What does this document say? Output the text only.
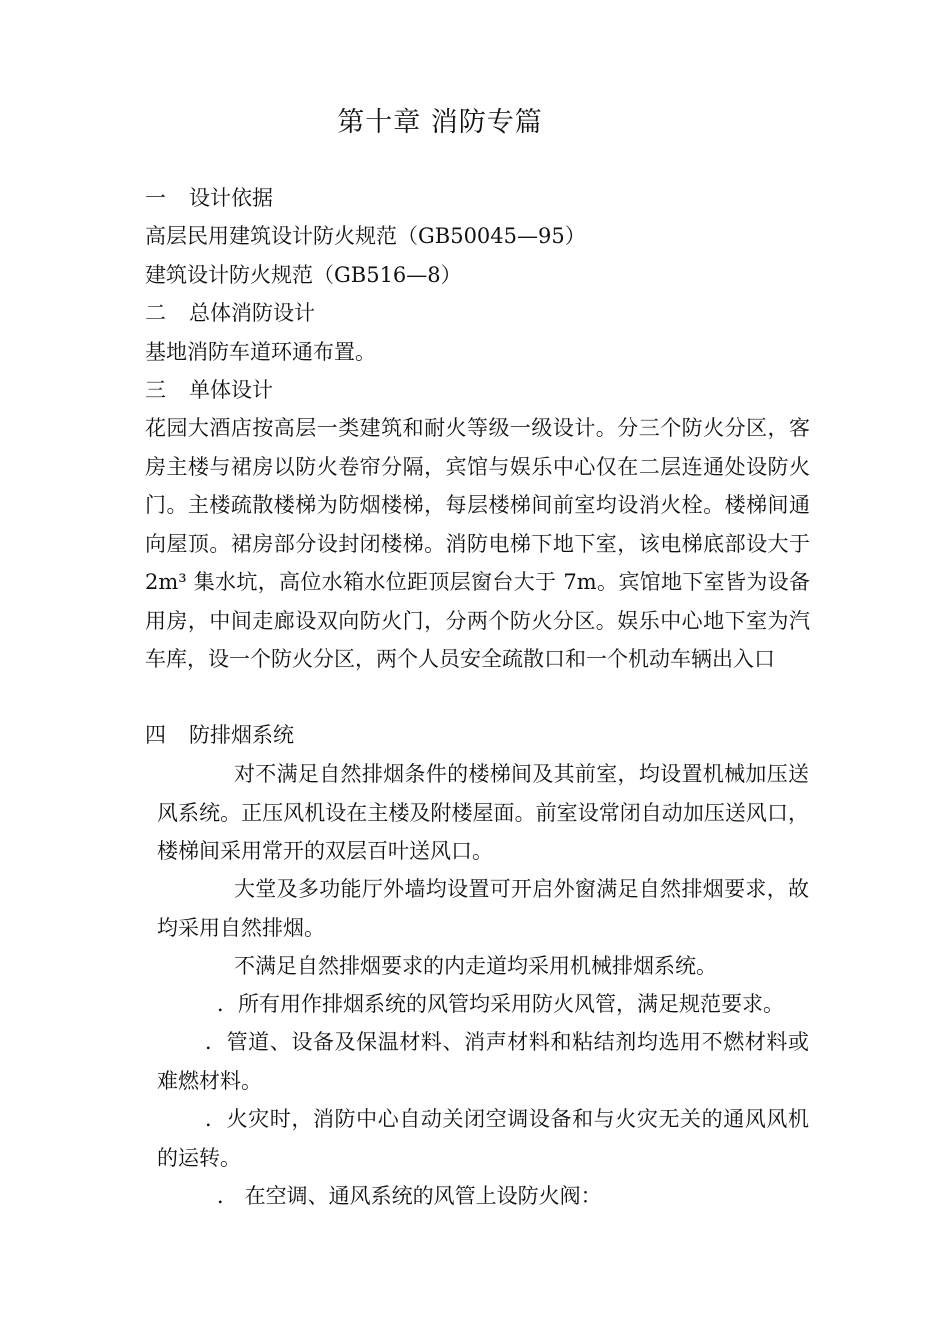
第十章 消防专篇
一 设计依据
高层民用建筑设计防火规范（GB50045—95）
建筑设计防火规范（GB516—8）
二 总体消防设计
基地消防车道环通布置。
三 单体设计
花园大酒店按高层一类建筑和耐火等级一级设计。分三个防火分区，客房主楼与裙房以防火卷帘分隔，宾馆与娱乐中心仅在二层连通处设防火门。主楼疏散楼梯为防烟楼梯，每层楼梯间前室均设消火栓。楼梯间通向屋顶。裙房部分设封闭楼梯。消防电梯下地下室，该电梯底部设大于 2m³ 集水坑，高位水箱水位距顶层窗台大于 7m。宾馆地下室皆为设备用房，中间走廊设双向防火门，分两个防火分区。娱乐中心地下室为汽车库，设一个防火分区，两个人员安全疏散口和一个机动车辆出入口
四 防排烟系统
对不满足自然排烟条件的楼梯间及其前室，均设置机械加压送风系统。正压风机设在主楼及附楼屋面。前室设常闭自动加压送风口，楼梯间采用常开的双层百叶送风口。
大堂及多功能厅外墙均设置可开启外窗满足自然排烟要求，故均采用自然排烟。
不满足自然排烟要求的内走道均采用机械排烟系统。
．所有用作排烟系统的风管均采用防火风管，满足规范要求。
．管道、设备及保温材料、消声材料和粘结剂均选用不燃材料或难燃材料。
．火灾时，消防中心自动关闭空调设备和与火灾无关的通风风机的运转。
． 在空调、通风系统的风管上设防火阀：
